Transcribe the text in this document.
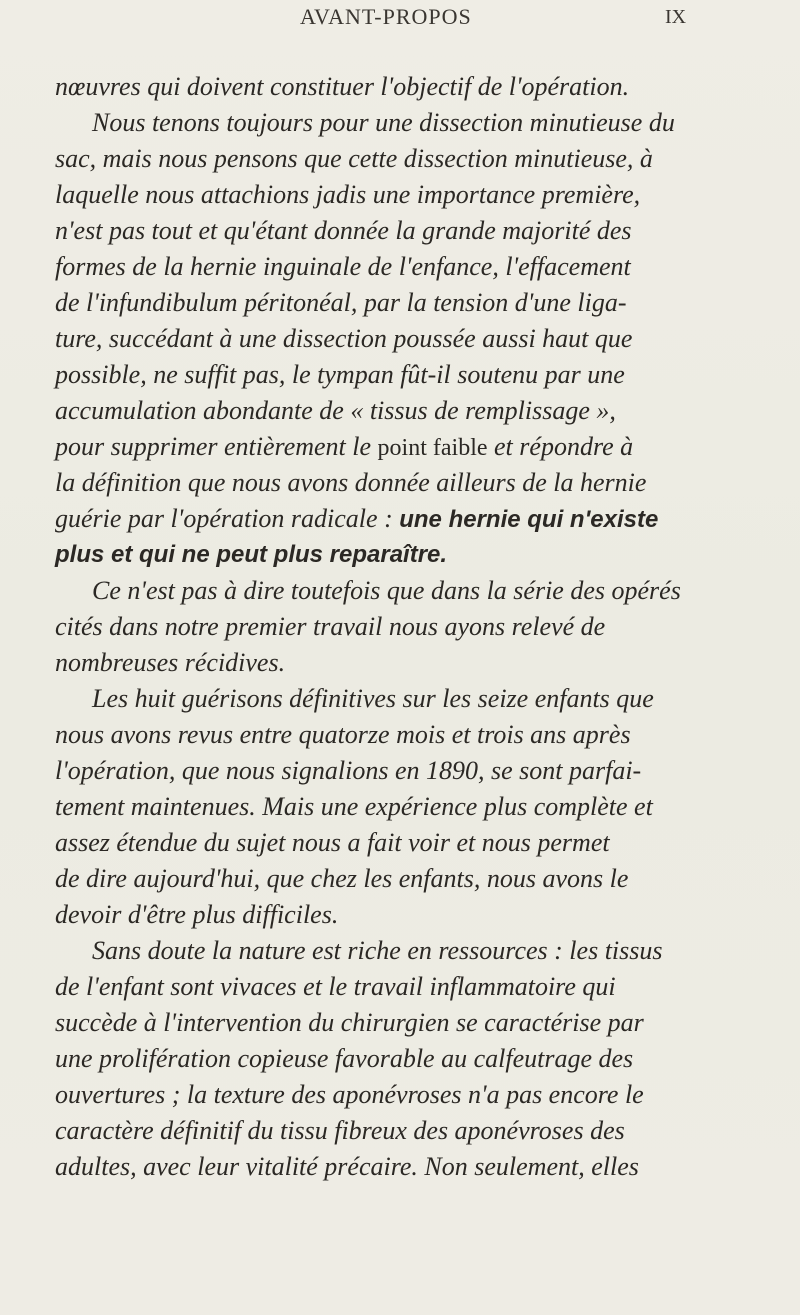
AVANT-PROPOS	IX
nœuvres qui doivent constituer l'objectif de l'opération.
Nous tenons toujours pour une dissection minutieuse du
sac, mais nous pensons que cette dissection minutieuse, à
laquelle nous attachions jadis une importance première,
n'est pas tout et qu'étant donnée la grande majorité des
formes de la hernie inguinale de l'enfance, l'effacement
de l'infundibulum péritonéal, par la tension d'une liga-
ture, succédant à une dissection poussée aussi haut que
possible, ne suffit pas, le tympan fût-il soutenu par une
accumulation abondante de « tissus de remplissage »,
pour supprimer entièrement le point faible et répondre à
la définition que nous avons donnée ailleurs de la hernie
guérie par l'opération radicale : une hernie qui n'existe
plus et qui ne peut plus reparaître.
Ce n'est pas à dire toutefois que dans la série des opérés
cités dans notre premier travail nous ayons relevé de
nombreuses récidives.
Les huit guérisons définitives sur les seize enfants que
nous avons revus entre quatorze mois et trois ans après
l'opération, que nous signalions en 1890, se sont parfai-
tement maintenues. Mais une expérience plus complète et
assez étendue du sujet nous a fait voir et nous permet
de dire aujourd'hui, que chez les enfants, nous avons le
devoir d'être plus difficiles.
Sans doute la nature est riche en ressources : les tissus
de l'enfant sont vivaces et le travail inflammatoire qui
succède à l'intervention du chirurgien se caractérise par
une prolifération copieuse favorable au calfeutrage des
ouvertures ; la texture des aponévroses n'a pas encore le
caractère définitif du tissu fibreux des aponévroses des
adultes, avec leur vitalité précaire. Non seulement, elles
